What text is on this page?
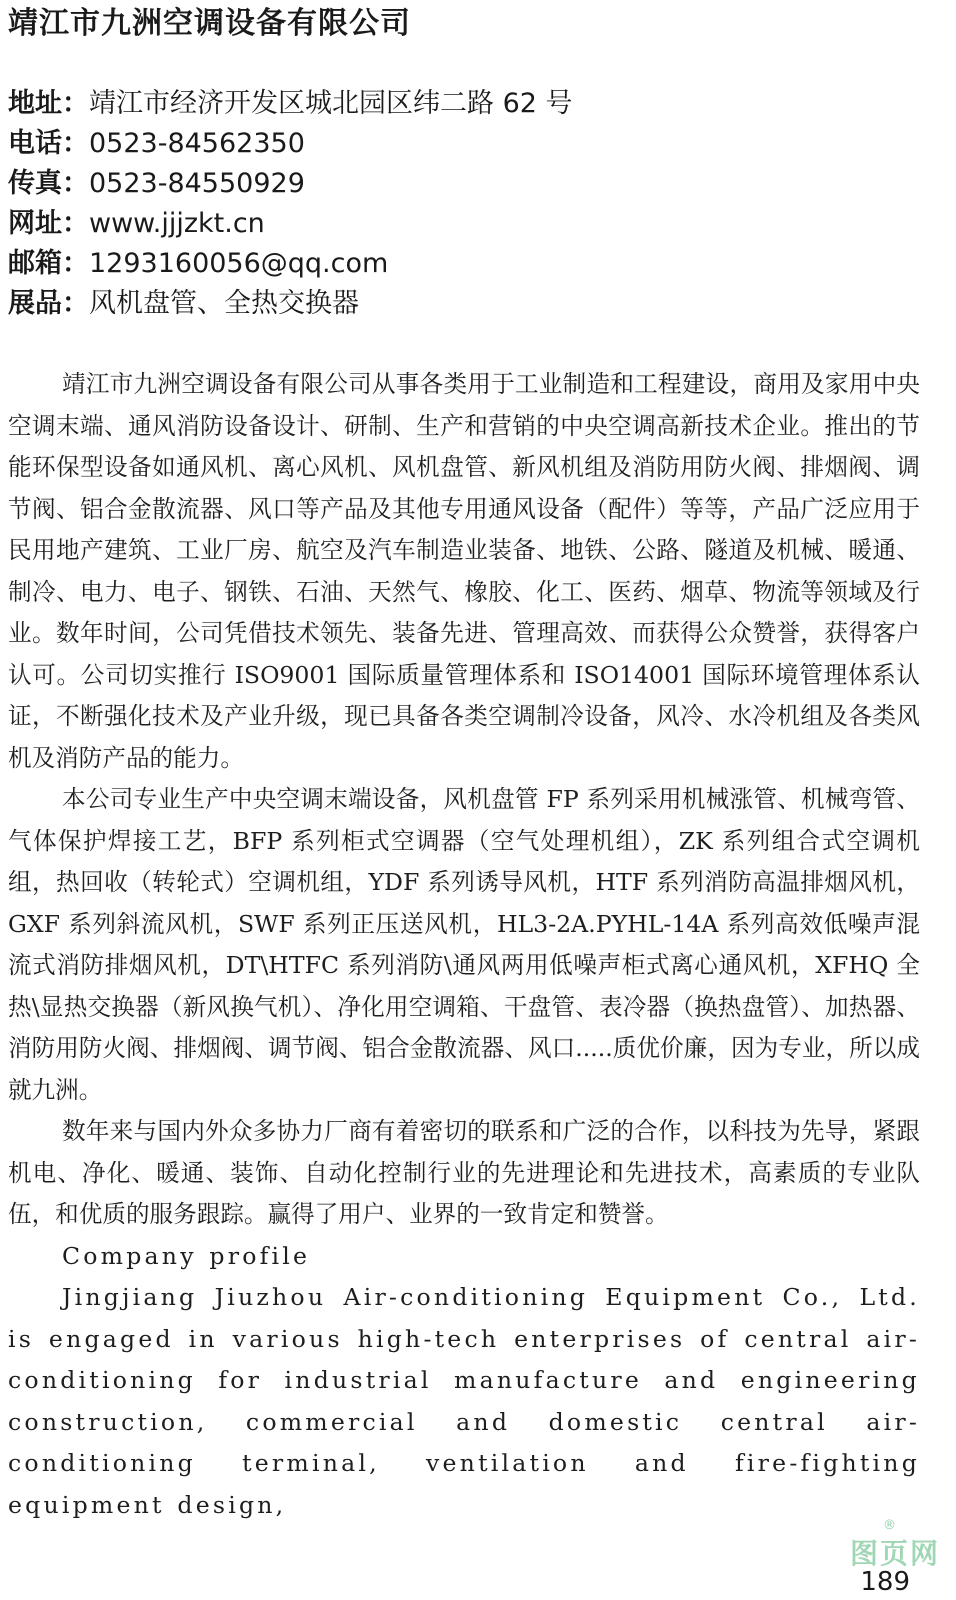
靖江市九洲空调设备有限公司
地址：靖江市经济开发区城北园区纬二路 62 号
电话：0523-84562350
传真：0523-84550929
网址：www.jjjzkt.cn
邮箱：1293160056@qq.com
展品：风机盘管、全热交换器

靖江市九洲空调设备有限公司从事各类用于工业制造和工程建设，商用及家用中央空调末端、通风消防设备设计、研制、生产和营销的中央空调高新技术企业。推出的节能环保型设备如通风机、离心风机、风机盘管、新风机组及消防用防火阀、排烟阀、调节阀、铝合金散流器、风口等产品及其他专用通风设备（配件）等等，产品广泛应用于民用地产建筑、工业厂房、航空及汽车制造业装备、地铁、公路、隧道及机械、暖通、制冷、电力、电子、钢铁、石油、天然气、橡胶、化工、医药、烟草、物流等领域及行业。数年时间，公司凭借技术领先、装备先进、管理高效、而获得公众赞誉，获得客户认可。公司切实推行 ISO9001 国际质量管理体系和 ISO14001 国际环境管理体系认证，不断强化技术及产业升级，现已具备各类空调制冷设备，风冷、水冷机组及各类风机及消防产品的能力。

本公司专业生产中央空调末端设备，风机盘管 FP 系列采用机械涨管、机械弯管、气体保护焊接工艺，BFP 系列柜式空调器（空气处理机组），ZK 系列组合式空调机组，热回收（转轮式）空调机组，YDF 系列诱导风机，HTF 系列消防高温排烟风机，GXF 系列斜流风机，SWF 系列正压送风机，HL3-2A.PYHL-14A 系列高效低噪声混流式消防排烟风机，DT\HTFC 系列消防\通风两用低噪声柜式离心通风机，XFHQ 全热\显热交换器（新风换气机）、净化用空调箱、干盘管、表冷器（换热盘管）、加热器、消防用防火阀、排烟阀、调节阀、铝合金散流器、风口.....质优价廉，因为专业，所以成就九洲。

数年来与国内外众多协力厂商有着密切的联系和广泛的合作，以科技为先导，紧跟机电、净化、暖通、装饰、自动化控制行业的先进理论和先进技术，高素质的专业队伍，和优质的服务跟踪。赢得了用户、业界的一致肯定和赞誉。

Company profile

Jingjiang Jiuzhou Air-conditioning Equipment Co., Ltd. is engaged in various high-tech enterprises of central air-conditioning for industrial manufacture and engineering construction, commercial and domestic central air-conditioning terminal, ventilation and fire-fighting equipment design,

®
图页网
189
